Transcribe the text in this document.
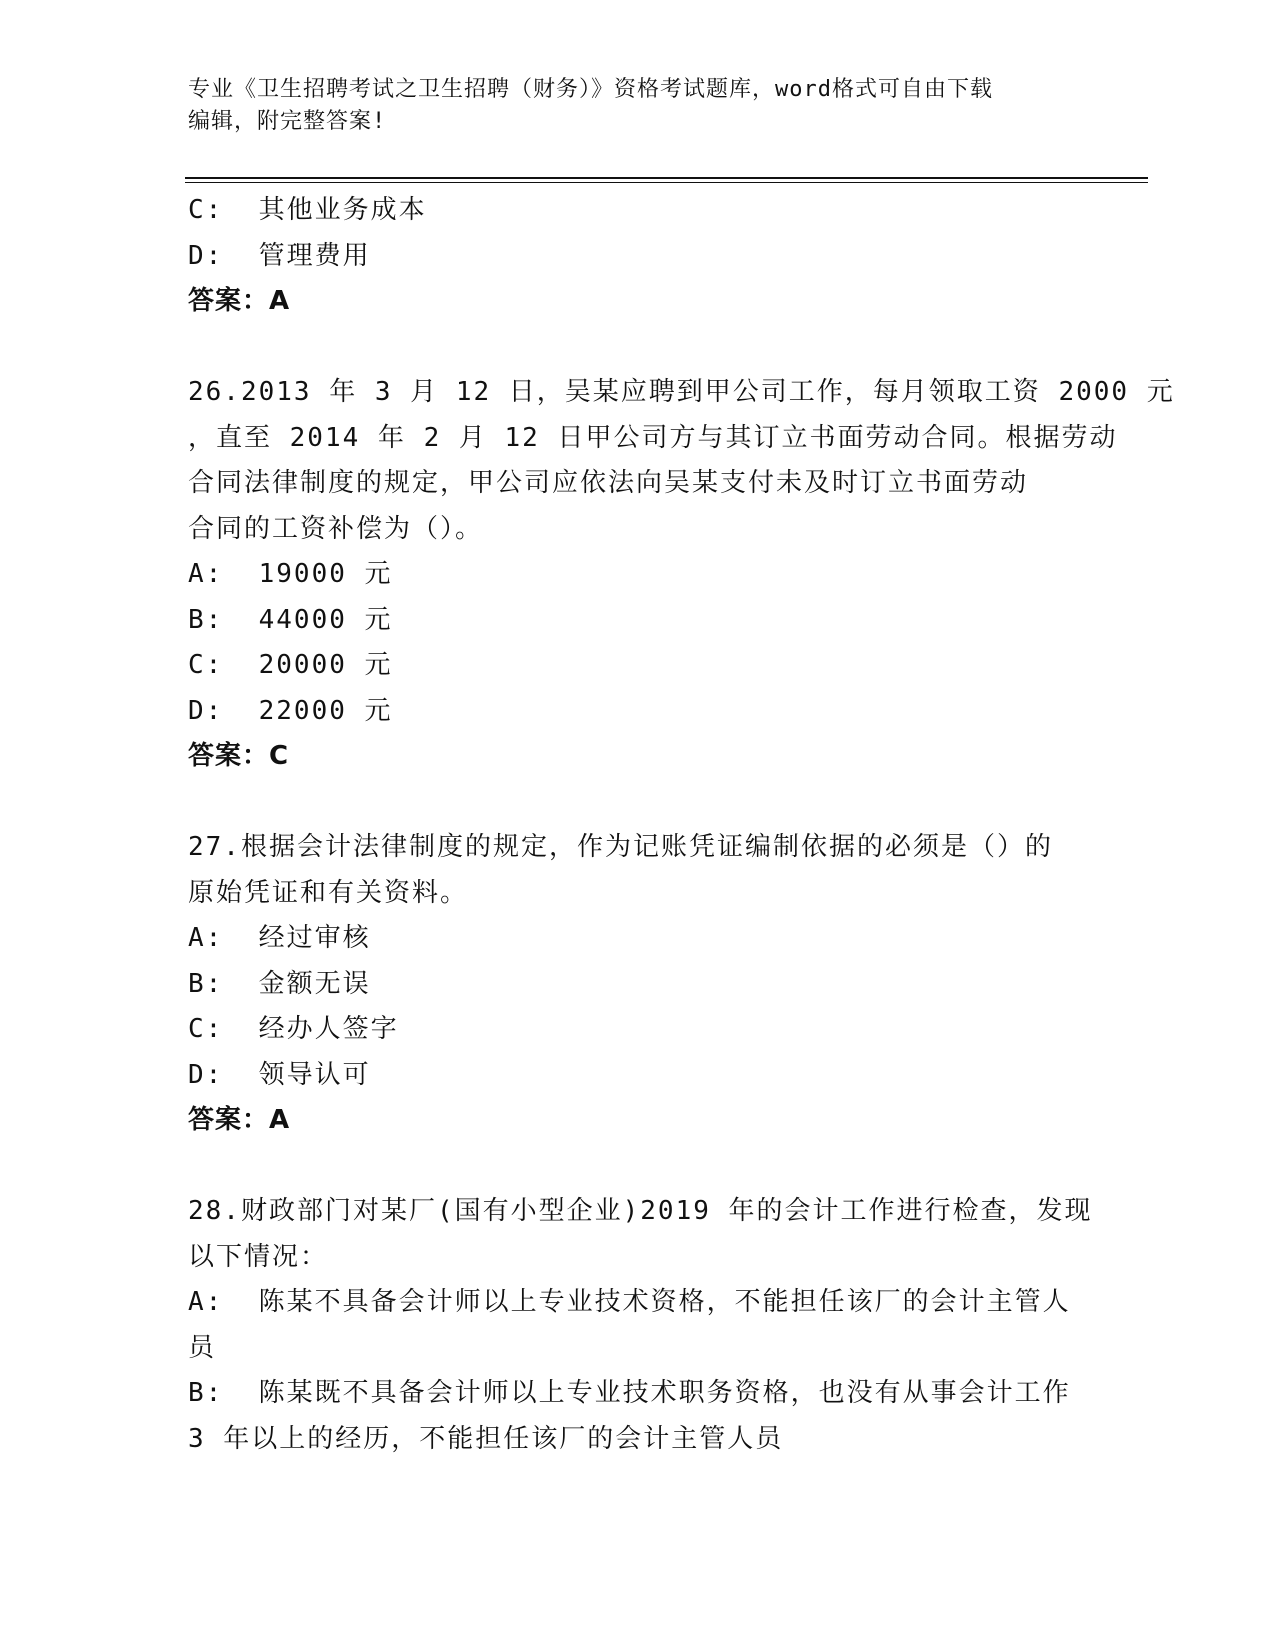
专业《卫生招聘考试之卫生招聘（财务）》资格考试题库，word格式可自由下载
编辑，附完整答案!
C:  其他业务成本
D:  管理费用
答案：A
26.2013 年 3 月 12 日，吴某应聘到甲公司工作，每月领取工资 2000 元
，直至 2014 年 2 月 12 日甲公司方与其订立书面劳动合同。根据劳动
合同法律制度的规定，甲公司应依法向吴某支付未及时订立书面劳动
合同的工资补偿为（）。
A:  19000 元
B:  44000 元
C:  20000 元
D:  22000 元
答案：C
27.根据会计法律制度的规定，作为记账凭证编制依据的必须是（）的
原始凭证和有关资料。
A:  经过审核
B:  金额无误
C:  经办人签字
D:  领导认可
答案：A
28.财政部门对某厂(国有小型企业)2019 年的会计工作进行检查，发现
以下情况：
A:  陈某不具备会计师以上专业技术资格，不能担任该厂的会计主管人
员
B:  陈某既不具备会计师以上专业技术职务资格，也没有从事会计工作
3 年以上的经历，不能担任该厂的会计主管人员
